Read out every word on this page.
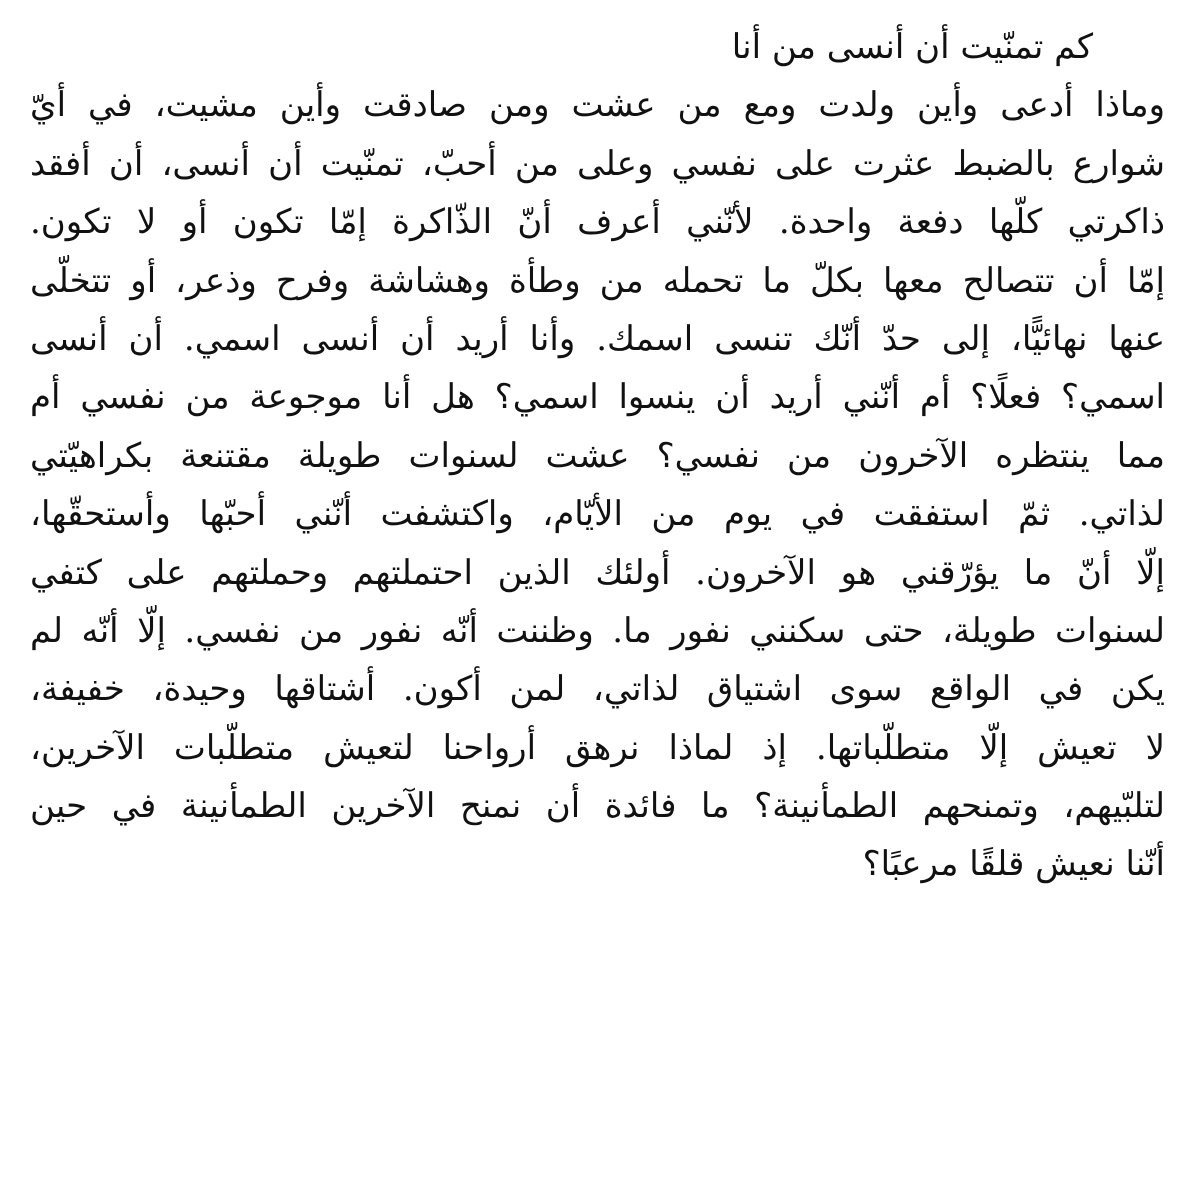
كم تمنّيت أن أنسى من أنا
وماذا أدعى وأين ولدت ومع من عشت ومن صادقت وأين مشيت، في أيّ
شوارع بالضبط عثرت على نفسي وعلى من أحبّ، تمنّيت أن أنسى، أن أفقد
ذاكرتي كلّها دفعة واحدة. لأنّني أعرف أنّ الذّاكرة إمّا تكون أو لا تكون.
إمّا أن تتصالح معها بكلّ ما تحمله من وطأة وهشاشة وفرح وذعر، أو تتخلّى
عنها نهائيًّا، إلى حدّ أنّك تنسى اسمك. وأنا أريد أن أنسى اسمي. أن أنسى
اسمي؟ فعلًا؟ أم أنّني أريد أن ينسوا اسمي؟ هل أنا موجوعة من نفسي أم
مما ينتظره الآخرون من نفسي؟ عشت لسنوات طويلة مقتنعة بكراهيّتي
لذاتي. ثمّ استفقت في يوم من الأيّام، واكتشفت أنّني أحبّها وأستحقّها،
إلّا أنّ ما يؤرّقني هو الآخرون. أولئك الذين احتملتهم وحملتهم على كتفي
لسنوات طويلة، حتى سكنني نفور ما. وظننت أنّه نفور من نفسي. إلّا أنّه لم
يكن في الواقع سوى اشتياق لذاتي، لمن أكون. أشتاقها وحيدة، خفيفة،
لا تعيش إلّا متطلّباتها. إذ لماذا نرهق أرواحنا لتعيش متطلّبات الآخرين،
لتلبّيهم، وتمنحهم الطمأنينة؟ ما فائدة أن نمنح الآخرين الطمأنينة في حين
أنّنا نعيش قلقًا مرعبًا؟
